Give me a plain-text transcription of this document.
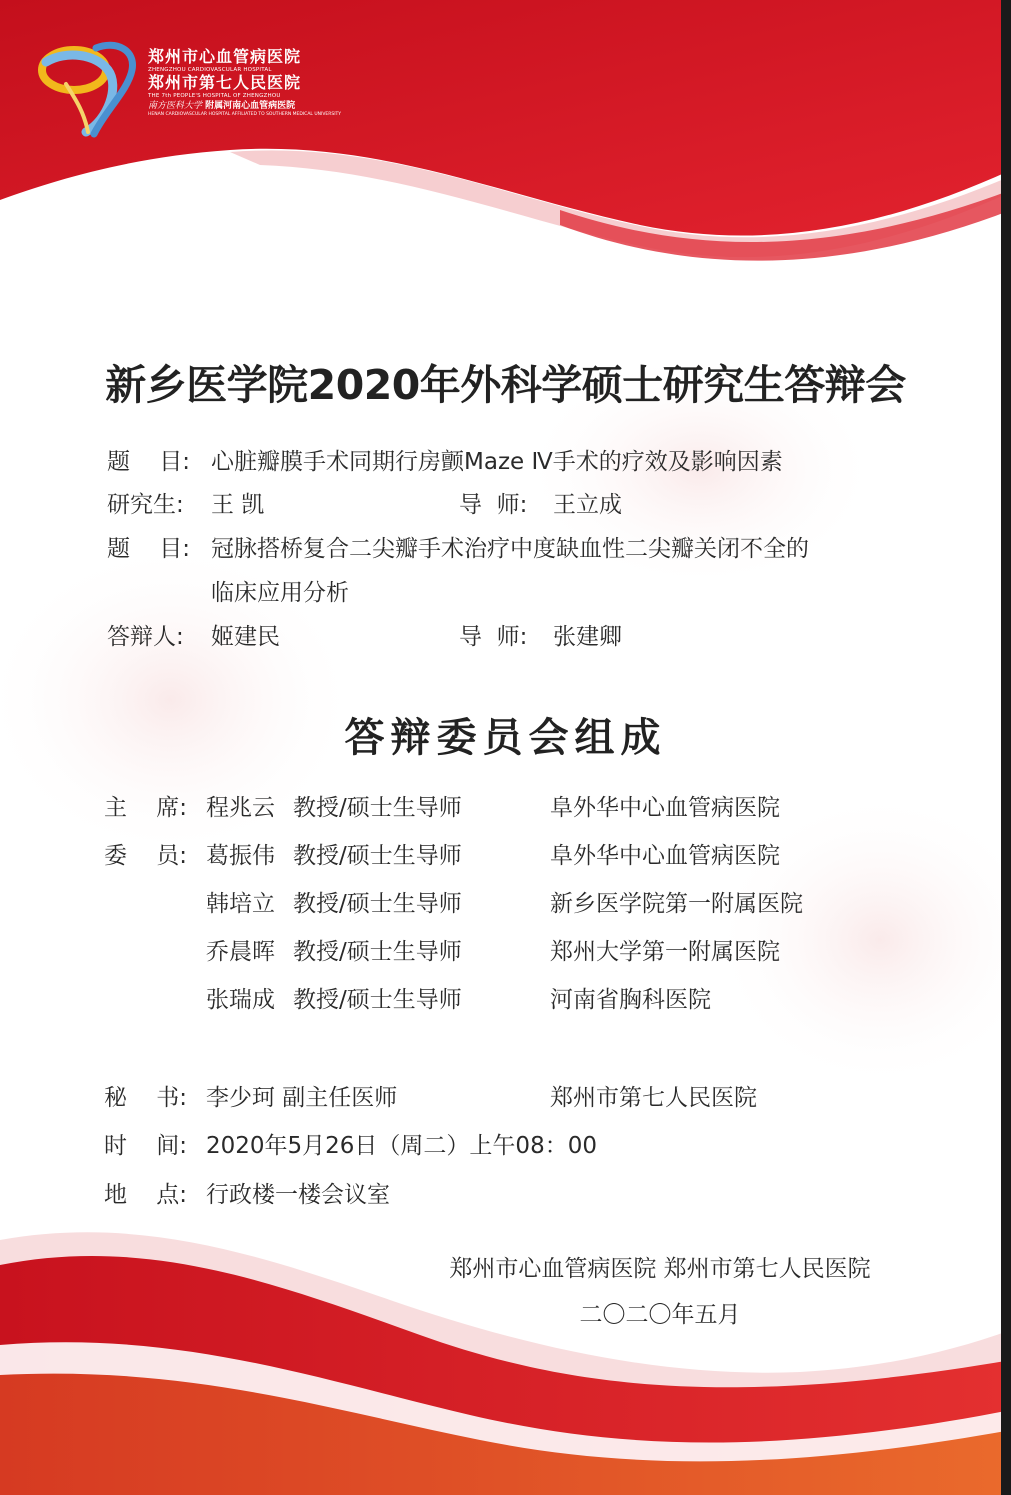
郑州市心血管病医院
ZHENGZHOU CARDIOVASCULAR HOSPITAL
郑州市第七人民医院
THE 7th PEOPLE'S HOSPITAL OF ZHENGZHOU
南方医科大学 附属河南心血管病医院
HENAN CARDIOVASCULAR HOSPITAL AFFILIATED TO SOUTHERN MEDICAL UNIVERSITY
新乡医学院2020年外科学硕士研究生答辩会
题    目: 心脏瓣膜手术同期行房颤Maze Ⅳ手术的疗效及影响因素
研究生: 王 凯	导  师: 王立成
题    目: 冠脉搭桥复合二尖瓣手术治疗中度缺血性二尖瓣关闭不全的
临床应用分析
答辩人: 姬建民	导  师: 张建卿
答辩委员会组成
主    席: 程兆云 教授/硕士生导师	阜外华中心血管病医院
委    员: 葛振伟 教授/硕士生导师	阜外华中心血管病医院
韩培立 教授/硕士生导师	新乡医学院第一附属医院
乔晨晖 教授/硕士生导师	郑州大学第一附属医院
张瑞成 教授/硕士生导师	河南省胸科医院
秘    书: 李少珂 副主任医师	郑州市第七人民医院
时    间: 2020年5月26日（周二）上午08：00
地    点: 行政楼一楼会议室
郑州市心血管病医院 郑州市第七人民医院
二〇二〇年五月
